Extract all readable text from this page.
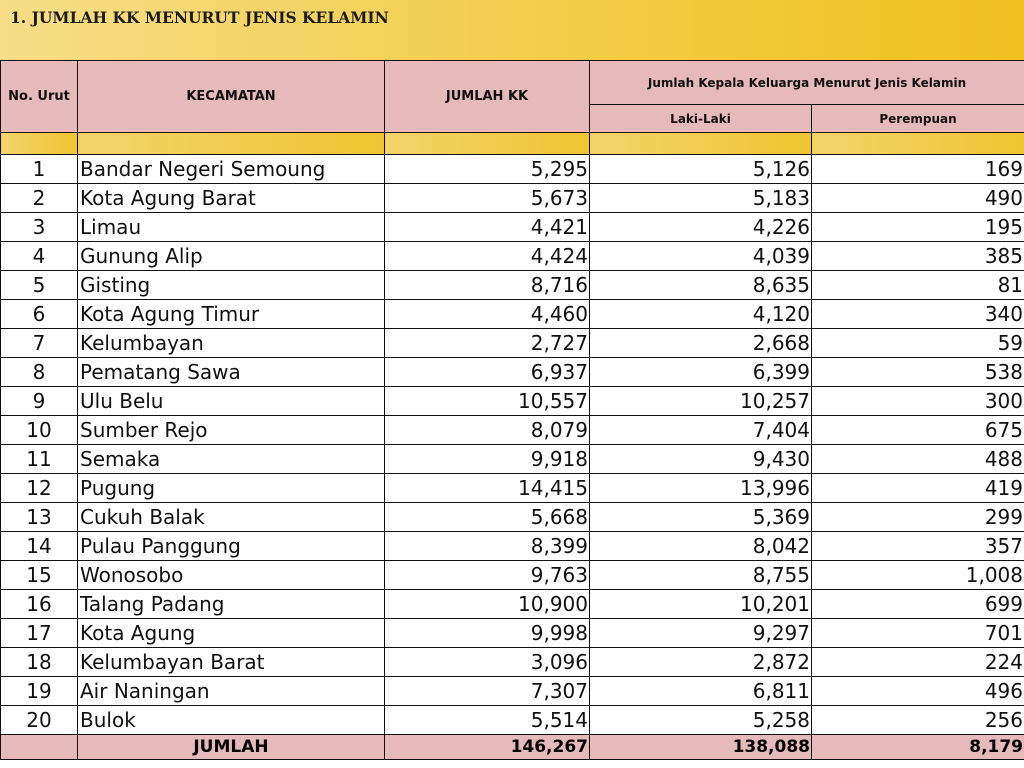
1. JUMLAH KK MENURUT JENIS KELAMIN
No. Urut	KECAMATAN	JUMLAH KK	Jumlah Kepala Keluarga Menurut Jenis Kelamin	
			Laki-Laki	Perempuan

1	Bandar Negeri Semoung	5,295	5,126	169
2	Kota Agung Barat	5,673	5,183	490
3	Limau	4,421	4,226	195
4	Gunung Alip	4,424	4,039	385
5	Gisting	8,716	8,635	81
6	Kota Agung Timur	4,460	4,120	340
7	Kelumbayan	2,727	2,668	59
8	Pematang Sawa	6,937	6,399	538
9	Ulu Belu	10,557	10,257	300
10	Sumber Rejo	8,079	7,404	675
11	Semaka	9,918	9,430	488
12	Pugung	14,415	13,996	419
13	Cukuh Balak	5,668	5,369	299
14	Pulau Panggung	8,399	8,042	357
15	Wonosobo	9,763	8,755	1,008
16	Talang Padang	10,900	10,201	699
17	Kota Agung	9,998	9,297	701
18	Kelumbayan Barat	3,096	2,872	224
19	Air Naningan	7,307	6,811	496
20	Bulok	5,514	5,258	256
	JUMLAH	146,267	138,088	8,179
